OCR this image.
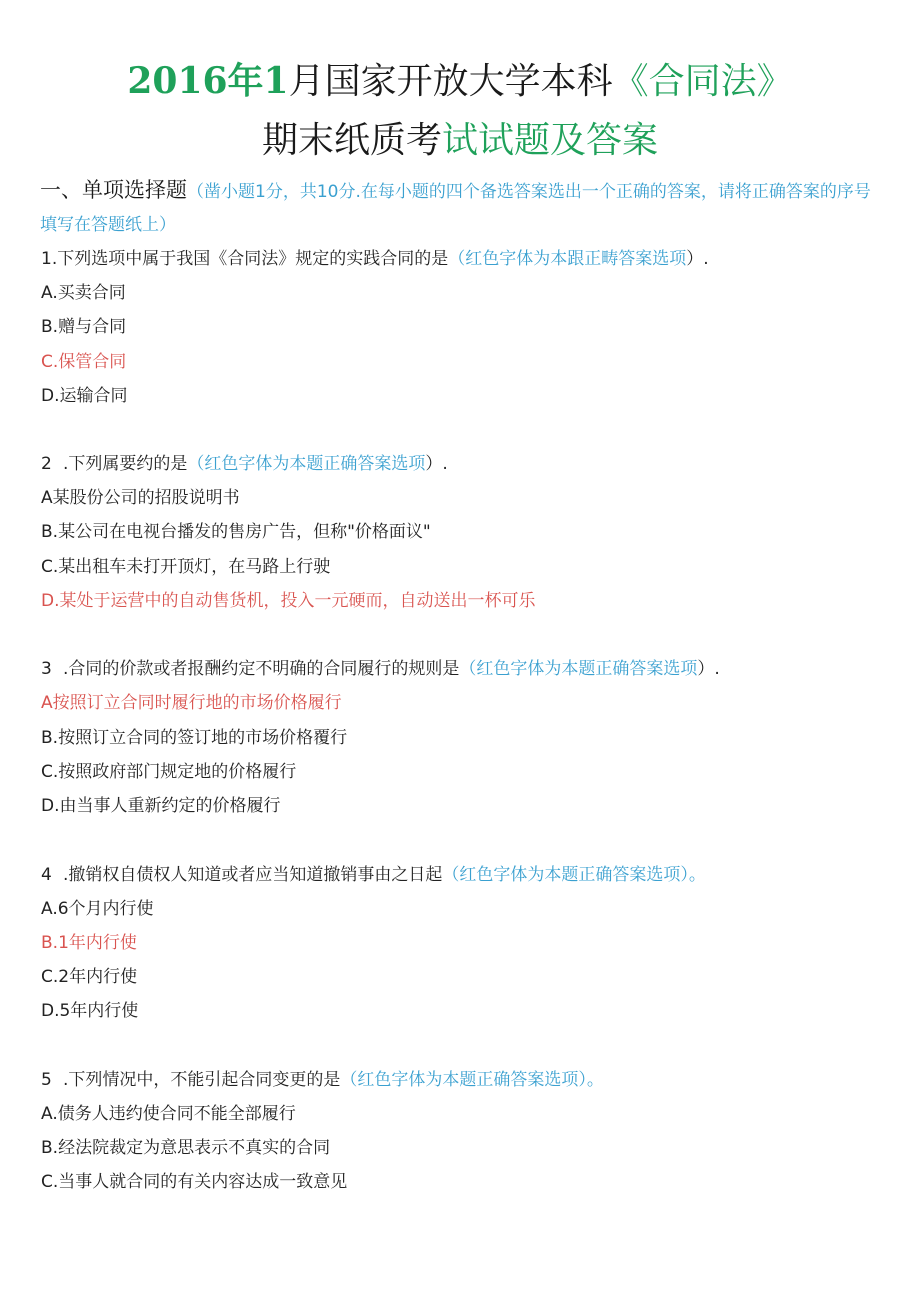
2016年1月国家开放大学本科《合同法》
期末纸质考试试题及答案
一、单项选择题（凿小题1分，共10分.在每小题的四个备选答案选出一个正确的答案，请将正确答案的序号填写在答题纸上）
1.下列选项中属于我国《合同法》规定的实践合同的是（红色字体为本跟正畴答案选项）.
A.买卖合同
B.赠与合同
C.保管合同
D.运输合同
2 .下列属要约的是（红色字体为本题正确答案选项）.
A某股份公司的招股说明书
B.某公司在电视台播发的售房广告，但称"价格面议"
C.某出租车未打开顶灯，在马路上行驶
D.某处于运营中的自动售货机，投入一元硬而，自动送出一杯可乐
3 .合同的价款或者报酬约定不明确的合同履行的规则是（红色字体为本题正确答案选项）.
A按照订立合同时履行地的市场价格履行
B.按照订立合同的签订地的市场价格覆行
C.按照政府部门规定地的价格履行
D.由当事人重新约定的价格履行
4 .撤销权自债权人知道或者应当知道撤销事由之日起（红色字体为本题正确答案选项）。
A.6个月内行使
B.1年内行使
C.2年内行使
D.5年内行使
5 .下列情况中，不能引起合同变更的是（红色字体为本题正确答案选项）。
A.债务人违约使合同不能全部履行
B.经法院裁定为意思表示不真实的合同
C.当事人就合同的有关内容达成一致意见
